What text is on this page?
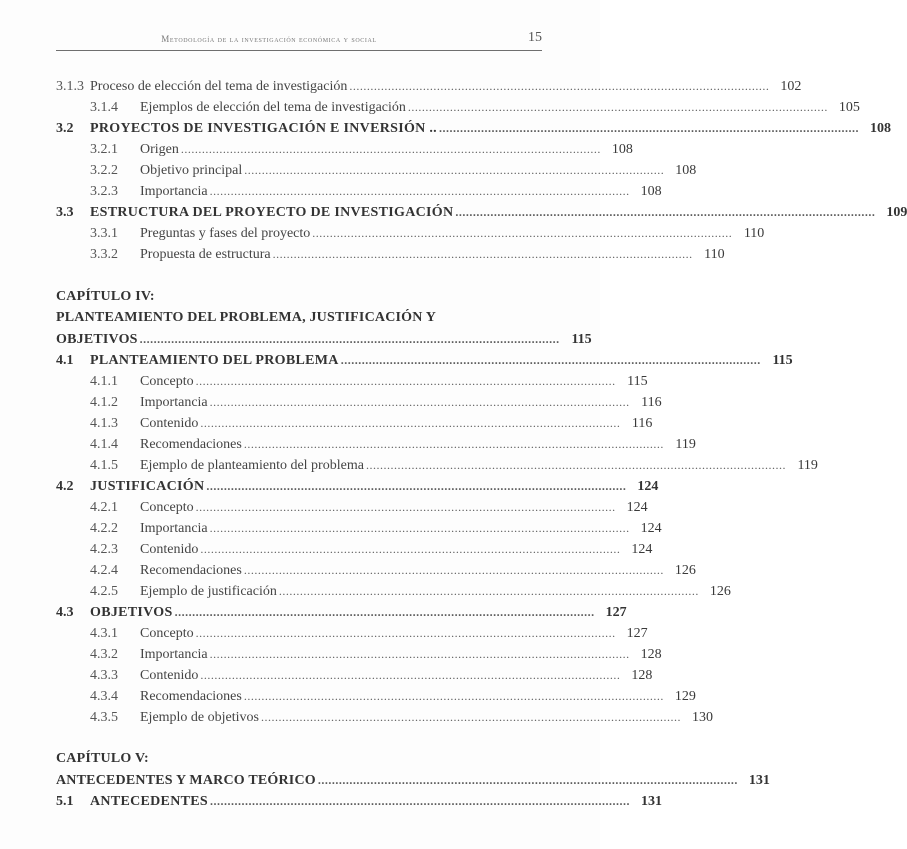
Metodología de la investigación económica y social	15
3.1.3 Proceso de elección del tema de investigación ........................................................................................................................ 102
3.1.4	Ejemplos de elección del tema de investigación ........................................................................................................................ 105
3.2	PROYECTOS DE INVESTIGACIÓN E INVERSIÓN .. ........................................................................................................................ 108
3.2.1	Origen ........................................................................................................................ 108
3.2.2	Objetivo principal ........................................................................................................................ 108
3.2.3	Importancia ........................................................................................................................ 108
3.3	ESTRUCTURA DEL PROYECTO DE INVESTIGACIÓN ........................................................................................................................ 109
3.3.1	Preguntas y fases del proyecto ........................................................................................................................ 110
3.3.2	Propuesta de estructura ........................................................................................................................ 110
CAPÍTULO IV:
PLANTEAMIENTO DEL PROBLEMA, JUSTIFICACIÓN Y
OBJETIVOS ........................................................................................................................ 115
4.1	PLANTEAMIENTO DEL PROBLEMA ........................................................................................................................ 115
4.1.1	Concepto ........................................................................................................................ 115
4.1.2	Importancia ........................................................................................................................ 116
4.1.3	Contenido ........................................................................................................................ 116
4.1.4	Recomendaciones ........................................................................................................................ 119
4.1.5	Ejemplo de planteamiento del problema ........................................................................................................................ 119
4.2	JUSTIFICACIÓN ........................................................................................................................ 124
4.2.1	Concepto ........................................................................................................................ 124
4.2.2	Importancia ........................................................................................................................ 124
4.2.3	Contenido ........................................................................................................................ 124
4.2.4	Recomendaciones ........................................................................................................................ 126
4.2.5	Ejemplo de justificación ........................................................................................................................ 126
4.3	OBJETIVOS ........................................................................................................................ 127
4.3.1	Concepto ........................................................................................................................ 127
4.3.2	Importancia ........................................................................................................................ 128
4.3.3	Contenido ........................................................................................................................ 128
4.3.4	Recomendaciones ........................................................................................................................ 129
4.3.5	Ejemplo de objetivos ........................................................................................................................ 130
CAPÍTULO V:
ANTECEDENTES Y MARCO TEÓRICO ........................................................................................................................ 131
5.1	ANTECEDENTES ........................................................................................................................ 131
